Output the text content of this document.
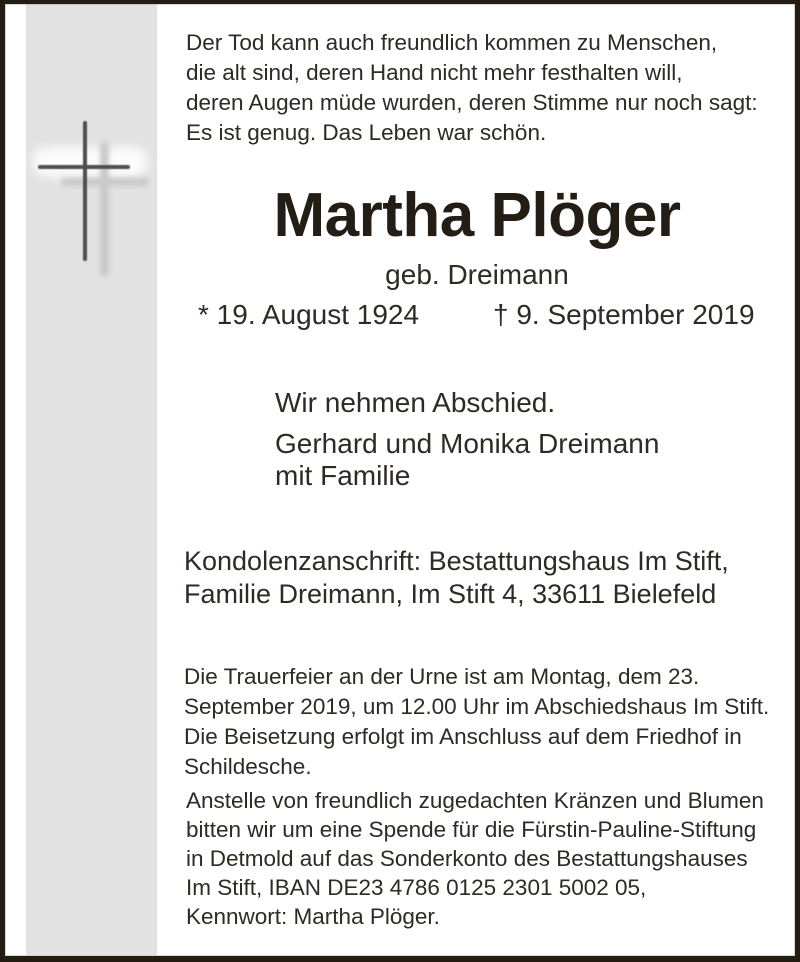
Der Tod kann auch freundlich kommen zu Menschen,
die alt sind, deren Hand nicht mehr festhalten will,
deren Augen müde wurden, deren Stimme nur noch sagt:
Es ist genug. Das Leben war schön.
Martha Plöger
geb. Dreimann
* 19. August 1924	† 9. September 2019
Wir nehmen Abschied.
Gerhard und Monika Dreimann
mit Familie
Kondolenzanschrift: Bestattungshaus Im Stift,
Familie Dreimann, Im Stift 4, 33611 Bielefeld
Die Trauerfeier an der Urne ist am Montag, dem 23.
September 2019, um 12.00 Uhr im Abschiedshaus Im Stift.
Die Beisetzung erfolgt im Anschluss auf dem Friedhof in
Schildesche.
Anstelle von freundlich zugedachten Kränzen und Blumen
bitten wir um eine Spende für die Fürstin-Pauline-Stiftung
in Detmold auf das Sonderkonto des Bestattungshauses
Im Stift, IBAN DE23 4786 0125 2301 5002 05,
Kennwort: Martha Plöger.
